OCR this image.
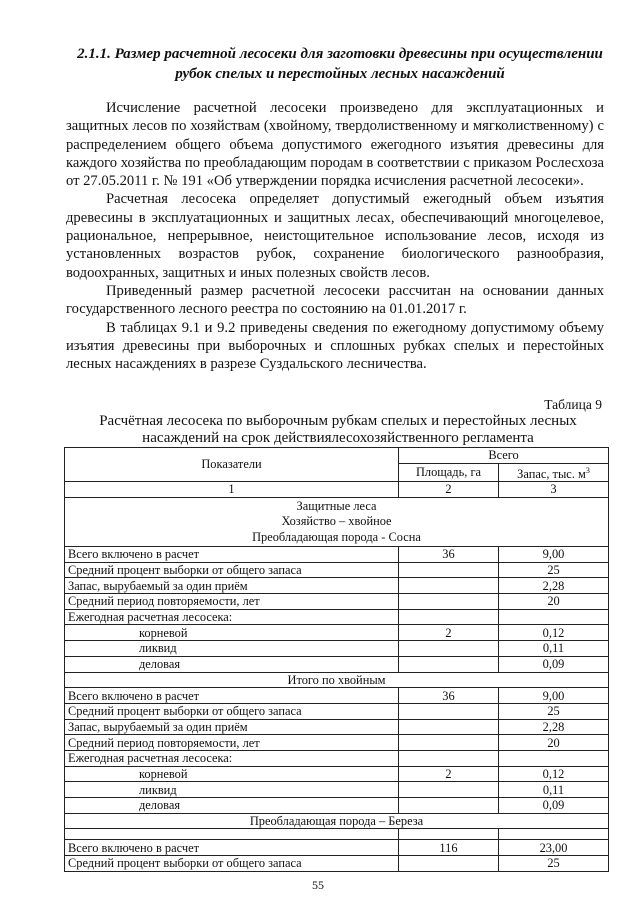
2.1.1. Размер расчетной лесосеки для заготовки древесины при осуществлении рубок спелых и перестойных лесных насаждений

Исчисление расчетной лесосеки произведено для эксплуатационных и защитных лесов по хозяйствам (хвойному, твердолиственному и мягколиственному) с распределением общего объема допустимого ежегодного изъятия древесины для каждого хозяйства по преобладающим породам в соответствии с приказом Рослесхоза от 27.05.2011 г. № 191 «Об утверждении порядка исчисления расчетной лесосеки».

Расчетная лесосека определяет допустимый ежегодный объем изъятия древесины в эксплуатационных и защитных лесах, обеспечивающий многоцелевое, рациональное, непрерывное, неистощительное использование лесов, исходя из установленных возрастов рубок, сохранение биологического разнообразия, водоохранных, защитных и иных полезных свойств лесов.

Приведенный размер расчетной лесосеки рассчитан на основании данных государственного лесного реестра по состоянию на 01.01.2017 г.

В таблицах 9.1 и 9.2 приведены сведения по ежегодному допустимому объему изъятия древесины при выборочных и сплошных рубках спелых и перестойных лесных насаждениях в разрезе Суздальского лесничества.

Таблица 9
Расчётная лесосека по выборочным рубкам спелых и перестойных лесных
насаждений на срок действиялесохозяйственного регламента
Показатели	Всего	
	Площадь, га	Запас, тыс. $м^3$
1	2	3

Защитные леса
Хозяйство – хвойное
Преобладающая порода - Сосна		

Всего включено в расчет	36	9,00
Средний процент выборки от общего запаса		25
Запас, вырубаемый за один приём		2,28
Средний период повторяемости, лет		20
Ежегодная расчетная лесосека:		
корневой	2	0,12
ликвид		0,11
деловая		0,09
Итого по хвойным		
Всего включено в расчет	36	9,00
Средний процент выборки от общего запаса		25
Запас, вырубаемый за один приём		2,28
Средний период повторяемости, лет		20
Ежегодная расчетная лесосека:		
корневой	2	0,12
ликвид		0,11
деловая		0,09
Преобладающая порода – Береза		

Всего включено в расчет	116	23,00
Средний процент выборки от общего запаса		25
55
